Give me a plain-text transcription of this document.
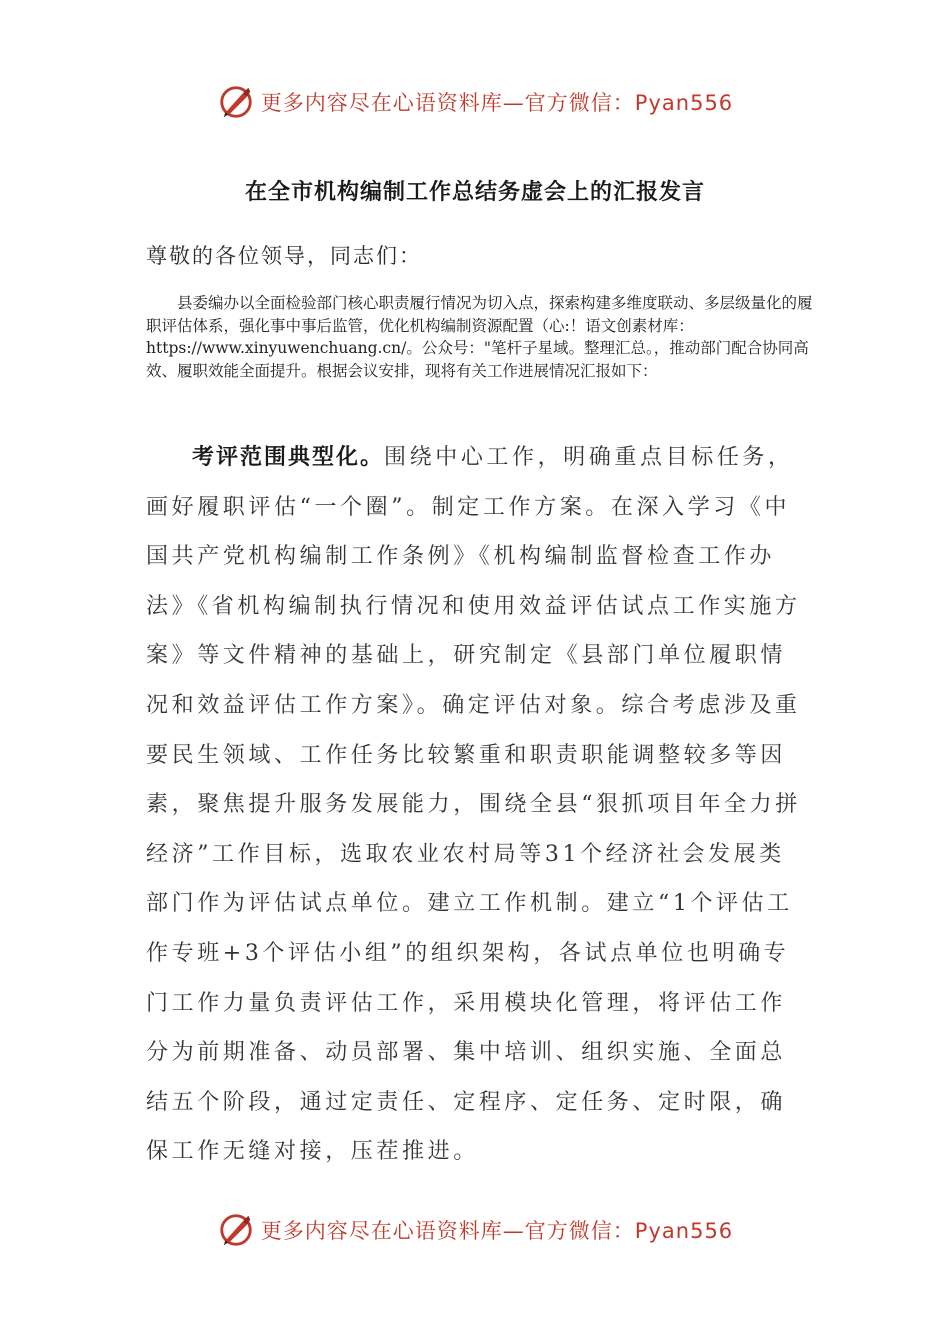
更多内容尽在心语资料库—官方微信：Pyan556
在全市机构编制工作总结务虚会上的汇报发言

尊敬的各位领导，同志们：

县委编办以全面检验部门核心职责履行情况为切入点，探索构建多维度联动、多层级量化的履职评估体系，强化事中事后监管，优化机构编制资源配置（心:！语文创素材库：https://www.xinyuwenchuang.cn/。公众号："笔杆子星域。整理汇总。，推动部门配合协同高效、履职效能全面提升。根据会议安排，现将有关工作进展情况汇报如下：

考评范围典型化。围绕中心工作，明确重点目标任务，画好履职评估“一个圈”。制定工作方案。在深入学习《中国共产党机构编制工作条例》《机构编制监督检查工作办法》《省机构编制执行情况和使用效益评估试点工作实施方案》等文件精神的基础上，研究制定《县部门单位履职情况和效益评估工作方案》。确定评估对象。综合考虑涉及重要民生领域、工作任务比较繁重和职责职能调整较多等因素，聚焦提升服务发展能力，围绕全县“狠抓项目年全力拼经济”工作目标，选取农业农村局等31个经济社会发展类部门作为评估试点单位。建立工作机制。建立“1个评估工作专班+3个评估小组”的组织架构，各试点单位也明确专门工作力量负责评估工作，采用模块化管理，将评估工作分为前期准备、动员部署、集中培训、组织实施、全面总结五个阶段，通过定责任、定程序、定任务、定时限，确保工作无缝对接，压茬推进。

更多内容尽在心语资料库—官方微信：Pyan556
